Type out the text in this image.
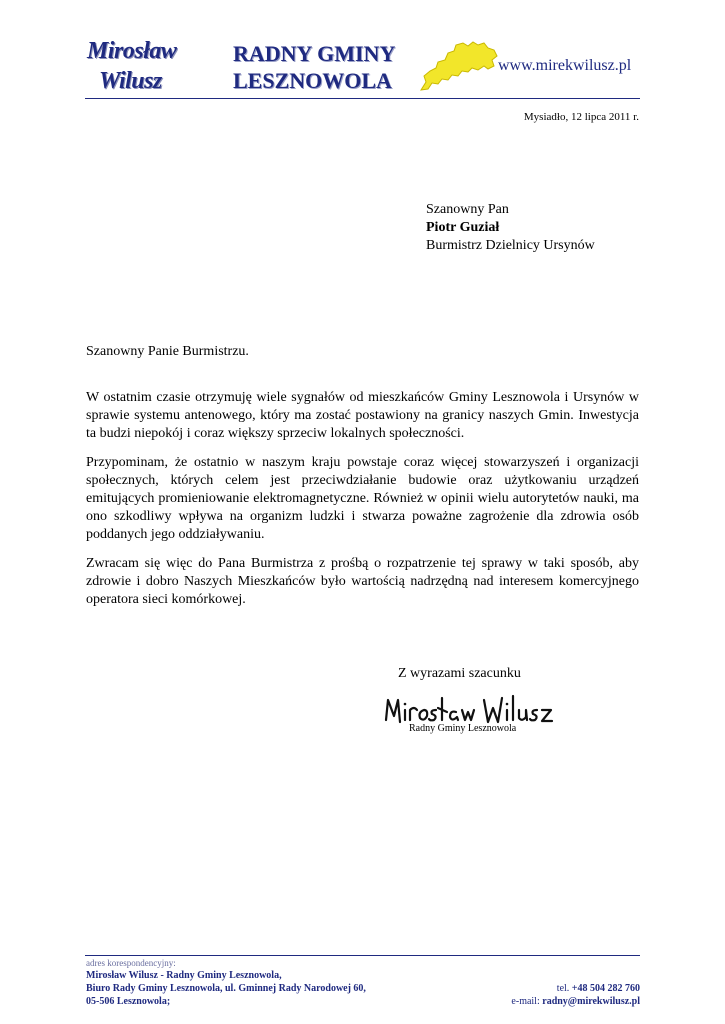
Mirosław
Wilusz
RADNY GMINY
LESZNOWOLA
www.mirekwilusz.pl
Mysiadło, 12 lipca 2011 r.
Szanowny Pan
Piotr Guział
Burmistrz Dzielnicy Ursynów
Szanowny Panie Burmistrzu.

W ostatnim czasie otrzymuję wiele sygnałów od mieszkańców Gminy Lesznowola i Ursynów w sprawie systemu antenowego, który ma zostać postawiony na granicy naszych Gmin. Inwestycja ta budzi niepokój i coraz większy sprzeciw lokalnych społeczności.

Przypominam, że ostatnio w naszym kraju powstaje coraz więcej stowarzyszeń i organizacji społecznych, których celem jest przeciwdziałanie budowie oraz użytkowaniu urządzeń emitujących promieniowanie elektromagnetyczne. Również w opinii wielu autorytetów nauki, ma ono szkodliwy wpływa na organizm ludzki i stwarza poważne zagrożenie dla zdrowia osób poddanych jego oddziaływaniu.

Zwracam się więc do Pana Burmistrza z prośbą o rozpatrzenie tej sprawy w taki sposób, aby zdrowie i dobro Naszych Mieszkańców było wartością nadrzędną nad interesem komercyjnego operatora sieci komórkowej.

Z wyrazami szacunku
Radny Gminy Lesznowola
adres korespondencyjny:
Mirosław Wilusz - Radny Gminy Lesznowola,
Biuro Rady Gminy Lesznowola, ul. Gminnej Rady Narodowej 60,
05-506 Lesznowola;
tel. +48 504 282 760
e-mail: radny@mirekwilusz.pl
